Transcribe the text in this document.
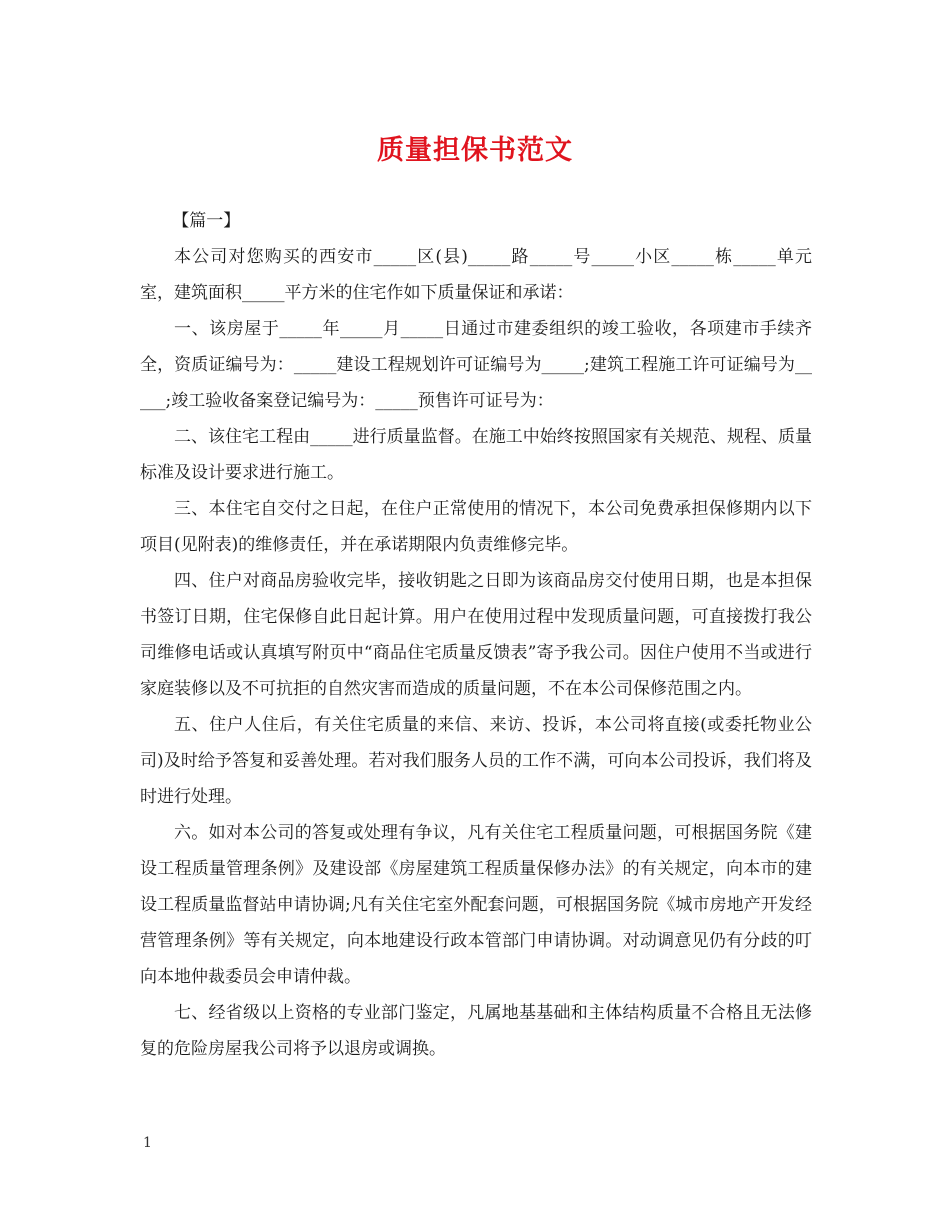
质量担保书范文

【篇一】

本公司对您购买的西安市_____区(县)_____路_____号_____小区_____栋_____单元室，建筑面积_____平方米的住宅作如下质量保证和承诺：

一、该房屋于_____年_____月_____日通过市建委组织的竣工验收，各项建市手续齐全，资质证编号为：_____建设工程规划许可证编号为_____;建筑工程施工许可证编号为_____;竣工验收备案登记编号为：_____预售许可证号为：

二、该住宅工程由_____进行质量监督。在施工中始终按照国家有关规范、规程、质量标准及设计要求进行施工。

三、本住宅自交付之日起，在住户正常使用的情况下，本公司免费承担保修期内以下项目(见附表)的维修责任，并在承诺期限内负责维修完毕。

四、住户对商品房验收完毕，接收钥匙之日即为该商品房交付使用日期，也是本担保书签订日期，住宅保修自此日起计算。用户在使用过程中发现质量问题，可直接拨打我公司维修电话或认真填写附页中“商品住宅质量反馈表”寄予我公司。因住户使用不当或进行家庭装修以及不可抗拒的自然灾害而造成的质量问题，不在本公司保修范围之内。

五、住户人住后，有关住宅质量的来信、来访、投诉，本公司将直接(或委托物业公司)及时给予答复和妥善处理。若对我们服务人员的工作不满，可向本公司投诉，我们将及时进行处理。

六。如对本公司的答复或处理有争议，凡有关住宅工程质量问题，可根据国务院《建设工程质量管理条例》及建设部《房屋建筑工程质量保修办法》的有关规定，向本市的建设工程质量监督站申请协调;凡有关住宅室外配套问题，可根据国务院《城市房地产开发经营管理条例》等有关规定，向本地建设行政本管部门申请协调。对动调意见仍有分歧的叮向本地仲裁委员会申请仲裁。

七、经省级以上资格的专业部门鉴定，凡属地基基础和主体结构质量不合格且无法修复的危险房屋我公司将予以退房或调换。

1
